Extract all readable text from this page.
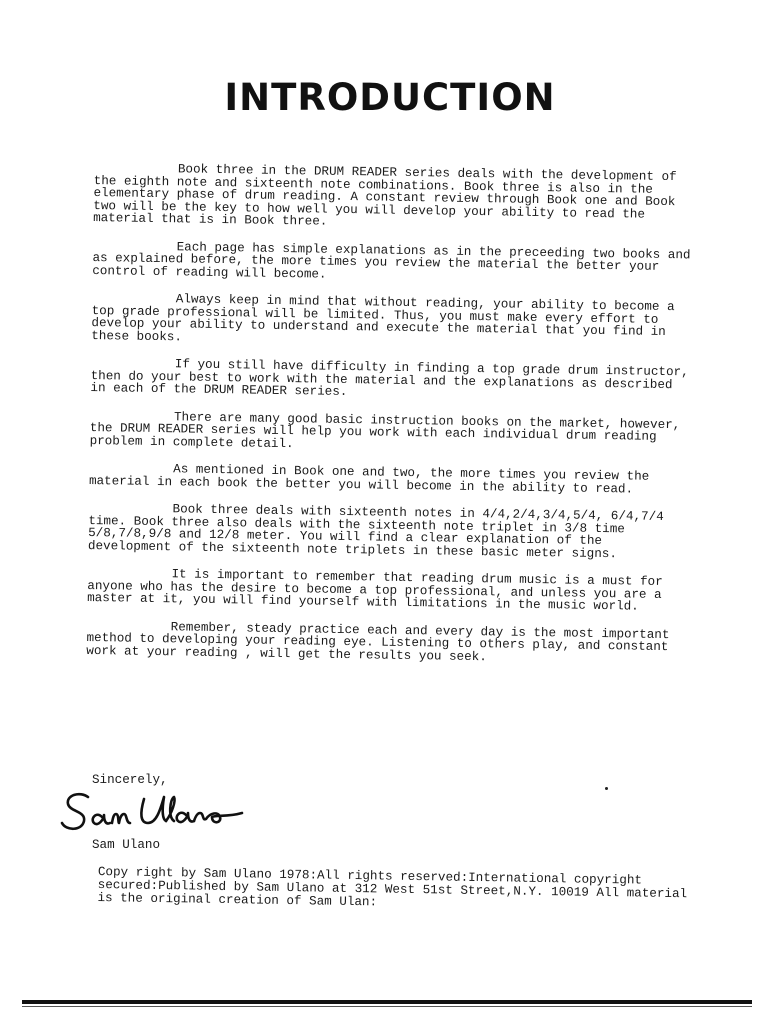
INTRODUCTION

Book three in the DRUM READER series deals with the development of the eighth note and sixteenth note combinations. Book three is also in the elementary phase of drum reading. A constant review through Book one and Book two will be the key to how well you will develop your ability to read the material that is in Book three.

Each page has simple explanations as in the preceeding two books and as explained before, the more times you review the material the better your control of reading will become.

Always keep in mind that without reading, your ability to become a top grade professional will be limited. Thus, you must make every effort to develop your ability to understand and execute the material that you find in these books.

If you still have difficulty in finding a top grade drum instructor, then do your best to work with the material and the explanations as described in each of the DRUM READER series.

There are many good basic instruction books on the market, however, the DRUM READER series will help you work with each individual drum reading problem in complete detail.

As mentioned in Book one and two, the more times you review the material in each book the better you will become in the ability to read.

Book three deals with sixteenth notes in 4/4,2/4,3/4,5/4, 6/4,7/4 time. Book three also deals with the sixteenth note triplet in 3/8 time 5/8,7/8,9/8 and 12/8 meter. You will find a clear explanation of the development of the sixteenth note triplets in these basic meter signs.

It is important to remember that reading drum music is a must for anyone who has the desire to become a top professional, and unless you are a master at it, you will find yourself with limitations in the music world.

Remember, steady practice each and every day is the most important method to developing your reading eye. Listening to others play, and constant work at your reading , will get the results you seek.

Sincerely,
Sam Ulano
Copy right by Sam Ulano 1978:All rights reserved:International copyright secured:Published by Sam Ulano at 312 West 51st Street,N.Y. 10019 All material is the original creation of Sam Ulan:
